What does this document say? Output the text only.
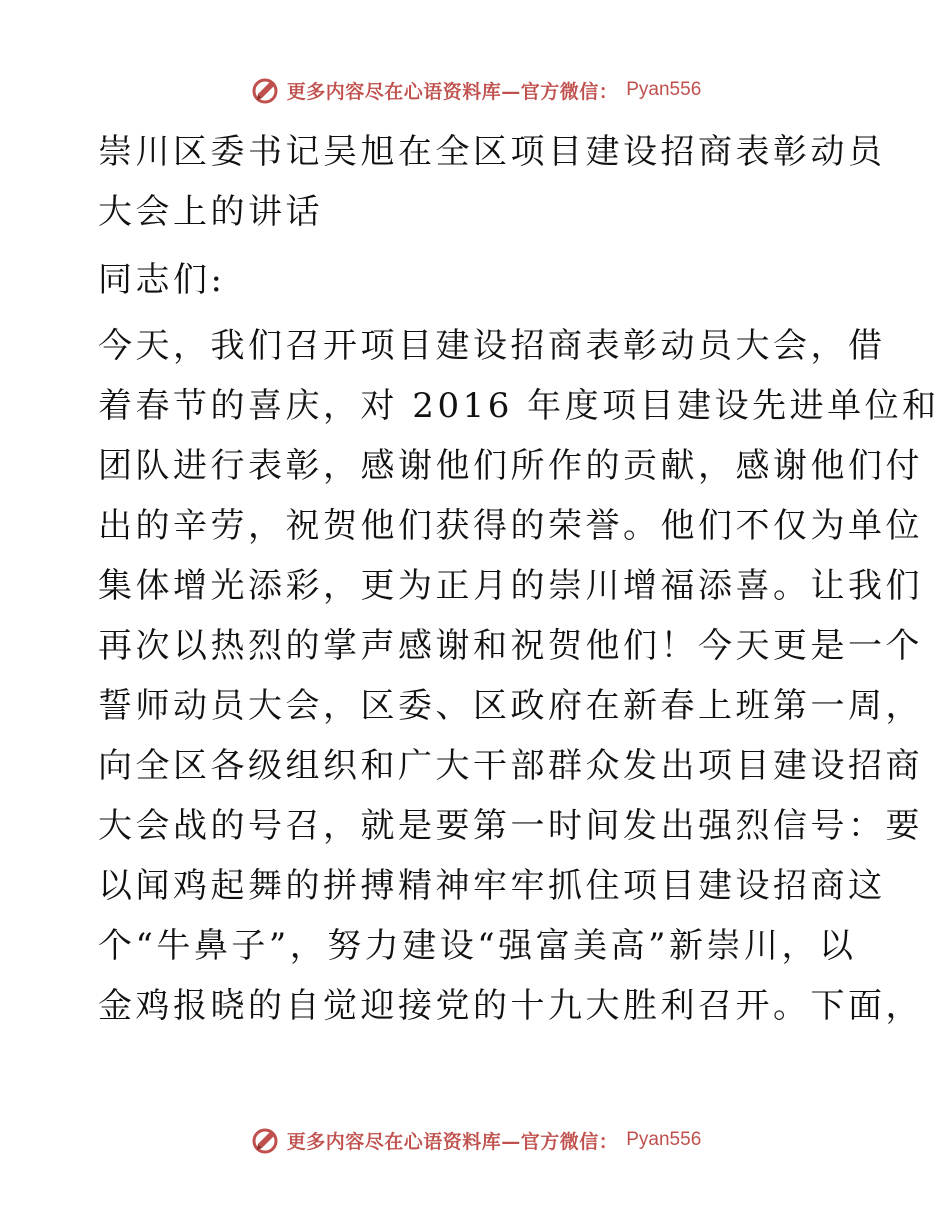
更多内容尽在心语资料库—官方微信： Pyan556
崇川区委书记吴旭在全区项目建设招商表彰动员
大会上的讲话
同志们:
今天，我们召开项目建设招商表彰动员大会，借
着春节的喜庆，对 2016 年度项目建设先进单位和
团队进行表彰，感谢他们所作的贡献，感谢他们付
出的辛劳，祝贺他们获得的荣誉。他们不仅为单位
集体增光添彩，更为正月的崇川增福添喜。让我们
再次以热烈的掌声感谢和祝贺他们！今天更是一个
誓师动员大会，区委、区政府在新春上班第一周，
向全区各级组织和广大干部群众发出项目建设招商
大会战的号召，就是要第一时间发出强烈信号：要
以闻鸡起舞的拼搏精神牢牢抓住项目建设招商这
个“牛鼻子”，努力建设“强富美高”新崇川，以
金鸡报晓的自觉迎接党的十九大胜利召开。下面，
更多内容尽在心语资料库—官方微信： Pyan556
